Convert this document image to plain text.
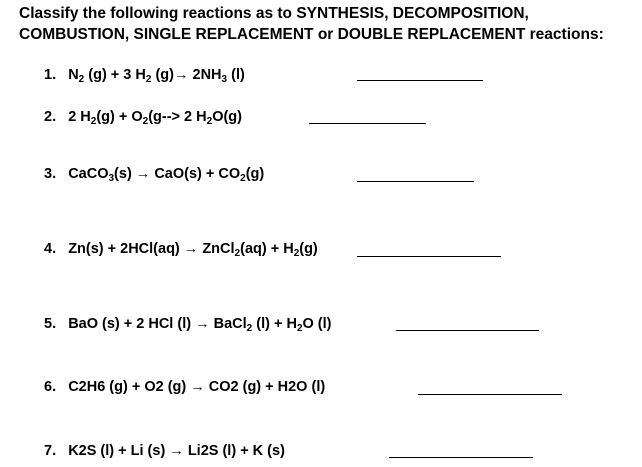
Classify the following reactions as to SYNTHESIS, DECOMPOSITION,
COMBUSTION, SINGLE REPLACEMENT or DOUBLE REPLACEMENT reactions:
1. $N_2$ (g) + 3 $H_2$ $(g)\to 2NH_3$ (l)
2. 2 $H_2(g) + O_2(g--> 2$ $H_2O(g)$
3. CaCO$_3$(s) → $CaO(s) + CO_2(g)$
4. Zn(s) + 2HCl(aq) → ZnCl$_2$(aq) + $H_2(g)$
5. BaO (s) + 2 HCl (l) → BaCl$_2$ $(l) + H_2O$ (l)
6. C2H6 (g) + O2 (g) → CO2 (g) + H2O (l)
7. K2S (l) + Li (s) → Li2S (l) + K (s)
